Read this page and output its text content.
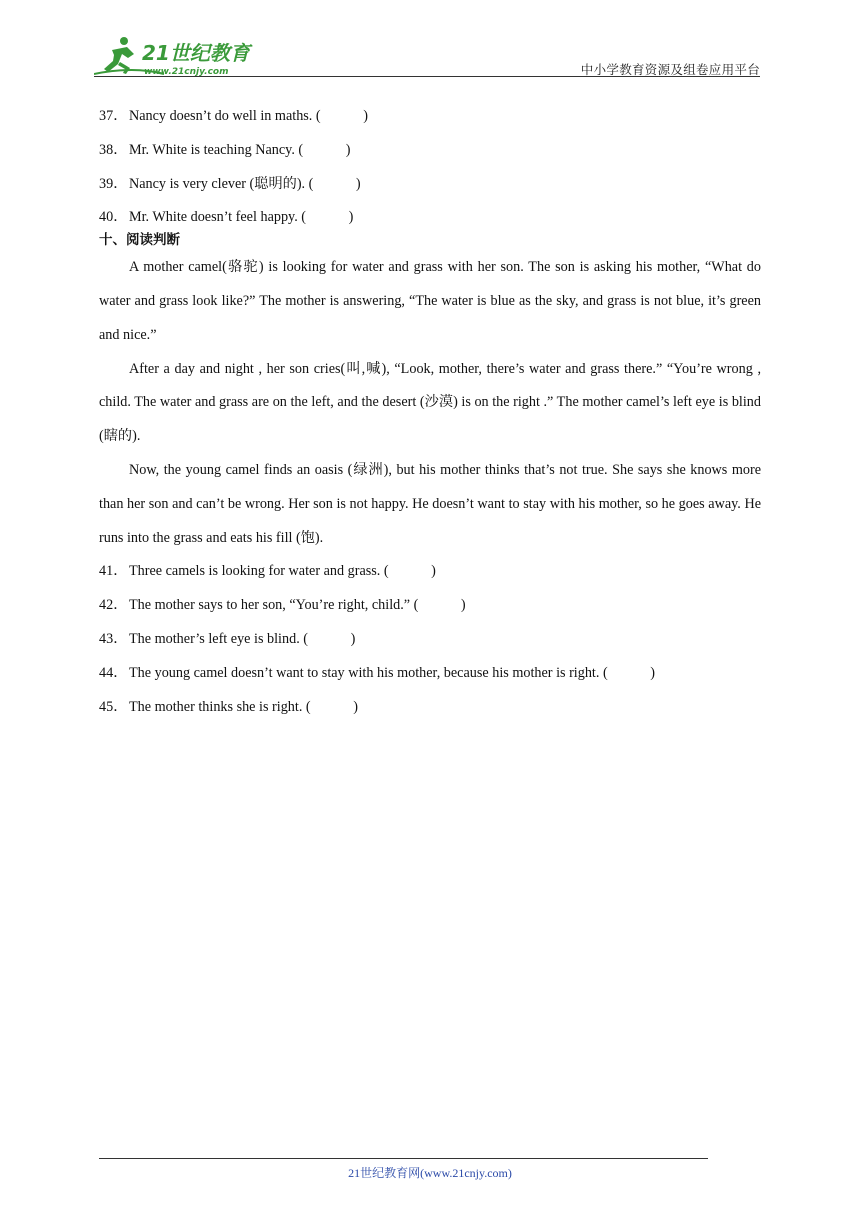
21世纪教育
www.21cnjy.com	中小学教育资源及组卷应用平台
37． Nancy doesn’t do well in maths. (　　　)
38． Mr. White is teaching Nancy. (　　　)
39． Nancy is very clever (聪明的). (　　　)
40． Mr. White doesn’t feel happy. (　　　)
十、阅读判断

A mother camel(骆驼) is looking for water and grass with her son. The son is asking his mother, “What do water and grass look like?” The mother is answering, “The water is blue as the sky, and grass is not blue, it’s green and nice.”

After a day and night , her son cries(叫,喊), “Look, mother, there’s water and grass there.” “You’re wrong , child. The water and grass are on the left, and the desert (沙漠) is on the right .” The mother camel’s left eye is blind (瞎的).

Now, the young camel finds an oasis (绿洲), but his mother thinks that’s not true. She says she knows more than her son and can’t be wrong. Her son is not happy. He doesn’t want to stay with his mother, so he goes away. He runs into the grass and eats his fill (饱).

41． Three camels is looking for water and grass. (　　　)
42． The mother says to her son, “You’re right, child.” (　　　)
43． The mother’s left eye is blind. (　　　)
44． The young camel doesn’t want to stay with his mother, because his mother is right. (　　　)
45． The mother thinks she is right. (　　　)
21世纪教育网(www.21cnjy.com)
